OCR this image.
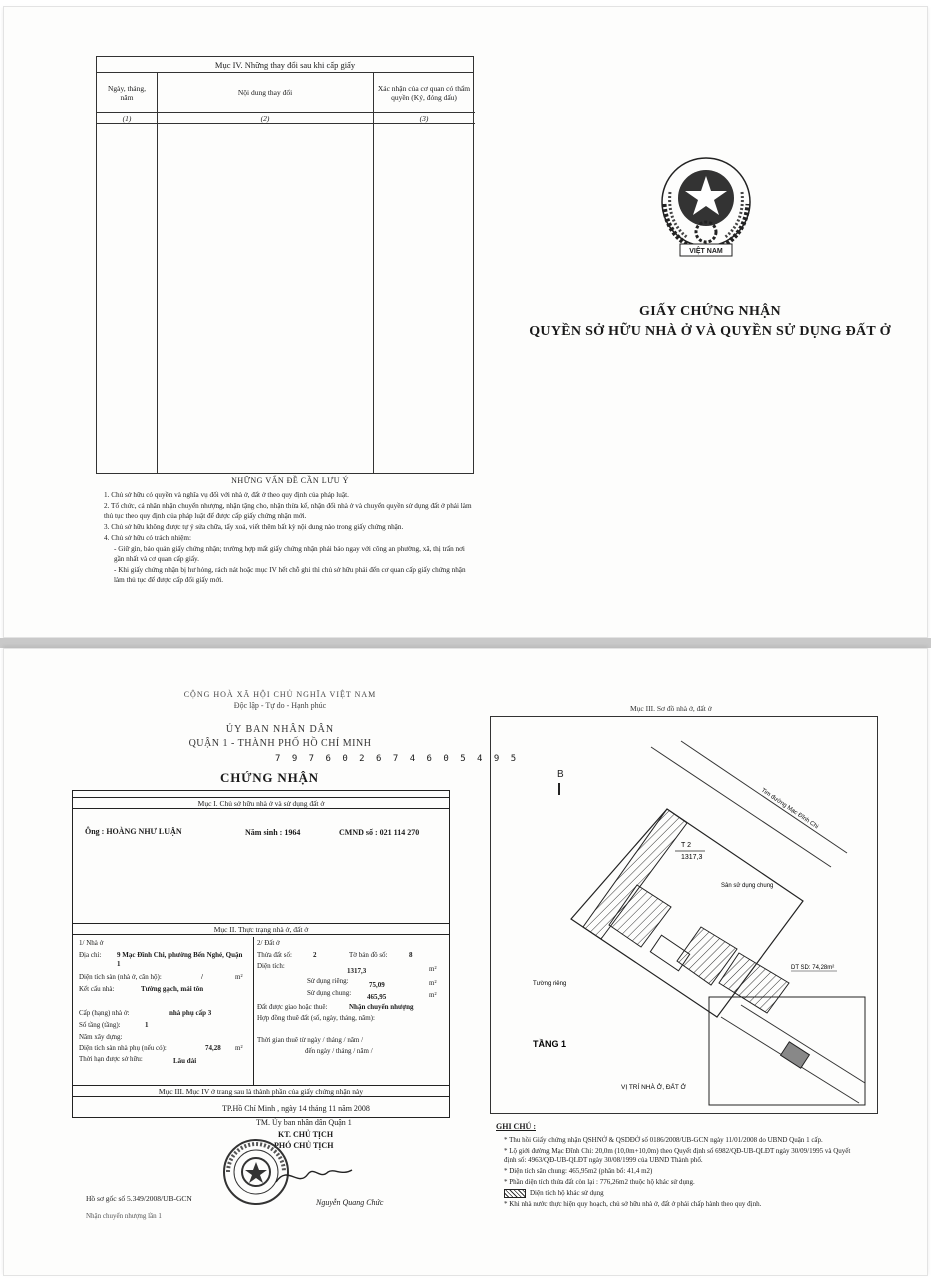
Mục IV. Những thay đổi sau khi cấp giấy
Ngày, tháng, năm	Nội dung thay đổi	Xác nhận của cơ quan có thẩm quyền (Ký, đóng dấu)
(1)	(2)	(3)
NHỮNG VẤN ĐỀ CẦN LƯU Ý

1. Chủ sở hữu có quyền và nghĩa vụ đối với nhà ở, đất ở theo quy định của pháp luật.

2. Tổ chức, cá nhân nhận chuyển nhượng, nhận tặng cho, nhận thừa kế, nhận đổi nhà ở và chuyển quyền sử dụng đất ở phải làm thủ tục theo quy định của pháp luật để được cấp giấy chứng nhận mới.

3. Chủ sở hữu không được tự ý sửa chữa, tẩy xoá, viết thêm bất kỳ nội dung nào trong giấy chứng nhận.

4. Chủ sở hữu có trách nhiệm:

- Giữ gìn, bảo quản giấy chứng nhận; trường hợp mất giấy chứng nhận phải báo ngay với công an phường, xã, thị trấn nơi gần nhất và cơ quan cấp giấy.

- Khi giấy chứng nhận bị hư hỏng, rách nát hoặc mục IV hết chỗ ghi thì chủ sở hữu phải đến cơ quan cấp giấy chứng nhận làm thủ tục để được cấp đổi giấy mới.

VIỆT NAM
GIẤY CHỨNG NHẬN
QUYỀN SỞ HỮU NHÀ Ở VÀ QUYỀN SỬ DỤNG ĐẤT Ở
CỘNG HOÀ XÃ HỘI CHỦ NGHĨA VIỆT NAM
Độc lập - Tự do - Hạnh phúc
ỦY BAN NHÂN DÂN
QUẬN 1 - THÀNH PHỐ HỒ CHÍ MINH
7 9 7 6 0 2 6 7 4 6 0 5 4 9 5
CHỨNG NHẬN
Mục I. Chủ sở hữu nhà ở và sử dụng đất ở
Ông : HOÀNG NHƯ LUẬN	Năm sinh : 1964	CMND số : 021 114 270
Mục II. Thực trạng nhà ở, đất ở
1/ Nhà ở
Địa chỉ: 9 Mạc Đĩnh Chi, phường Bến Nghé, Quận 1
Diện tích sàn (nhà ở, căn hộ):	/	m²
Kết cấu nhà:	Tường gạch, mái tôn
Cấp (hạng) nhà ở:	nhà phụ cấp 3
Số tầng (tầng):	1
Năm xây dựng:
Diện tích sàn nhà phụ (nếu có):	74,28 m²
Thời hạn được sở hữu:	Lâu dài
2/ Đất ở
Thửa đất số:	2	Tờ bản đồ số:	8
Diện tích:
1317,3	m²
Sử dụng riêng:	75,09	m²
Sử dụng chung: 465,95	m²
Đất được giao hoặc thuê:	Nhận chuyển nhượng
Hợp đồng thuê đất (số, ngày, tháng, năm):
Thời gian thuê từ ngày / tháng / năm /
đến ngày / tháng / năm /
Mục III. Mục IV ở trang sau là thành phần của giấy chứng nhận này
TP.Hồ Chí Minh , ngày 14 tháng 11 năm 2008
TM. Ủy ban nhân dân Quận 1
KT. CHỦ TỊCH
PHÓ CHỦ TỊCH
Nguyễn Quang Chức
Hồ sơ gốc số 5.349/2008/UB-GCN
Nhận chuyển nhượng lần 1
Mục III. Sơ đồ nhà ở, đất ở
B
Tim đường Mạc Đĩnh Chi
T 2
1317,3
Sân sử dụng chung
Tường riêng
DT SD: 74,28m²
TẦNG 1
VỊ TRÍ NHÀ Ở, ĐẤT Ở
GHI CHÚ :

* Thu hồi Giấy chứng nhận QSHNỞ & QSDĐỞ số 0186/2008/UB-GCN ngày 11/01/2008 do UBND Quận 1 cấp.

* Lộ giới đường Mạc Đĩnh Chi: 20,0m (10,0m+10,0m) theo Quyết định số 6982/QĐ-UB-QLĐT ngày 30/09/1995 và Quyết định số: 4963/QĐ-UB-QLĐT ngày 30/08/1999 của UBND Thành phố.

* Diện tích sân chung: 465,95m2 (phân bổ: 41,4 m2)

* Phần diện tích thửa đất còn lại : 776,26m2 thuộc hộ khác sử dụng.

Diện tích hộ khác sử dụng

* Khi nhà nước thực hiện quy hoạch, chủ sở hữu nhà ở, đất ở phải chấp hành theo quy định.
